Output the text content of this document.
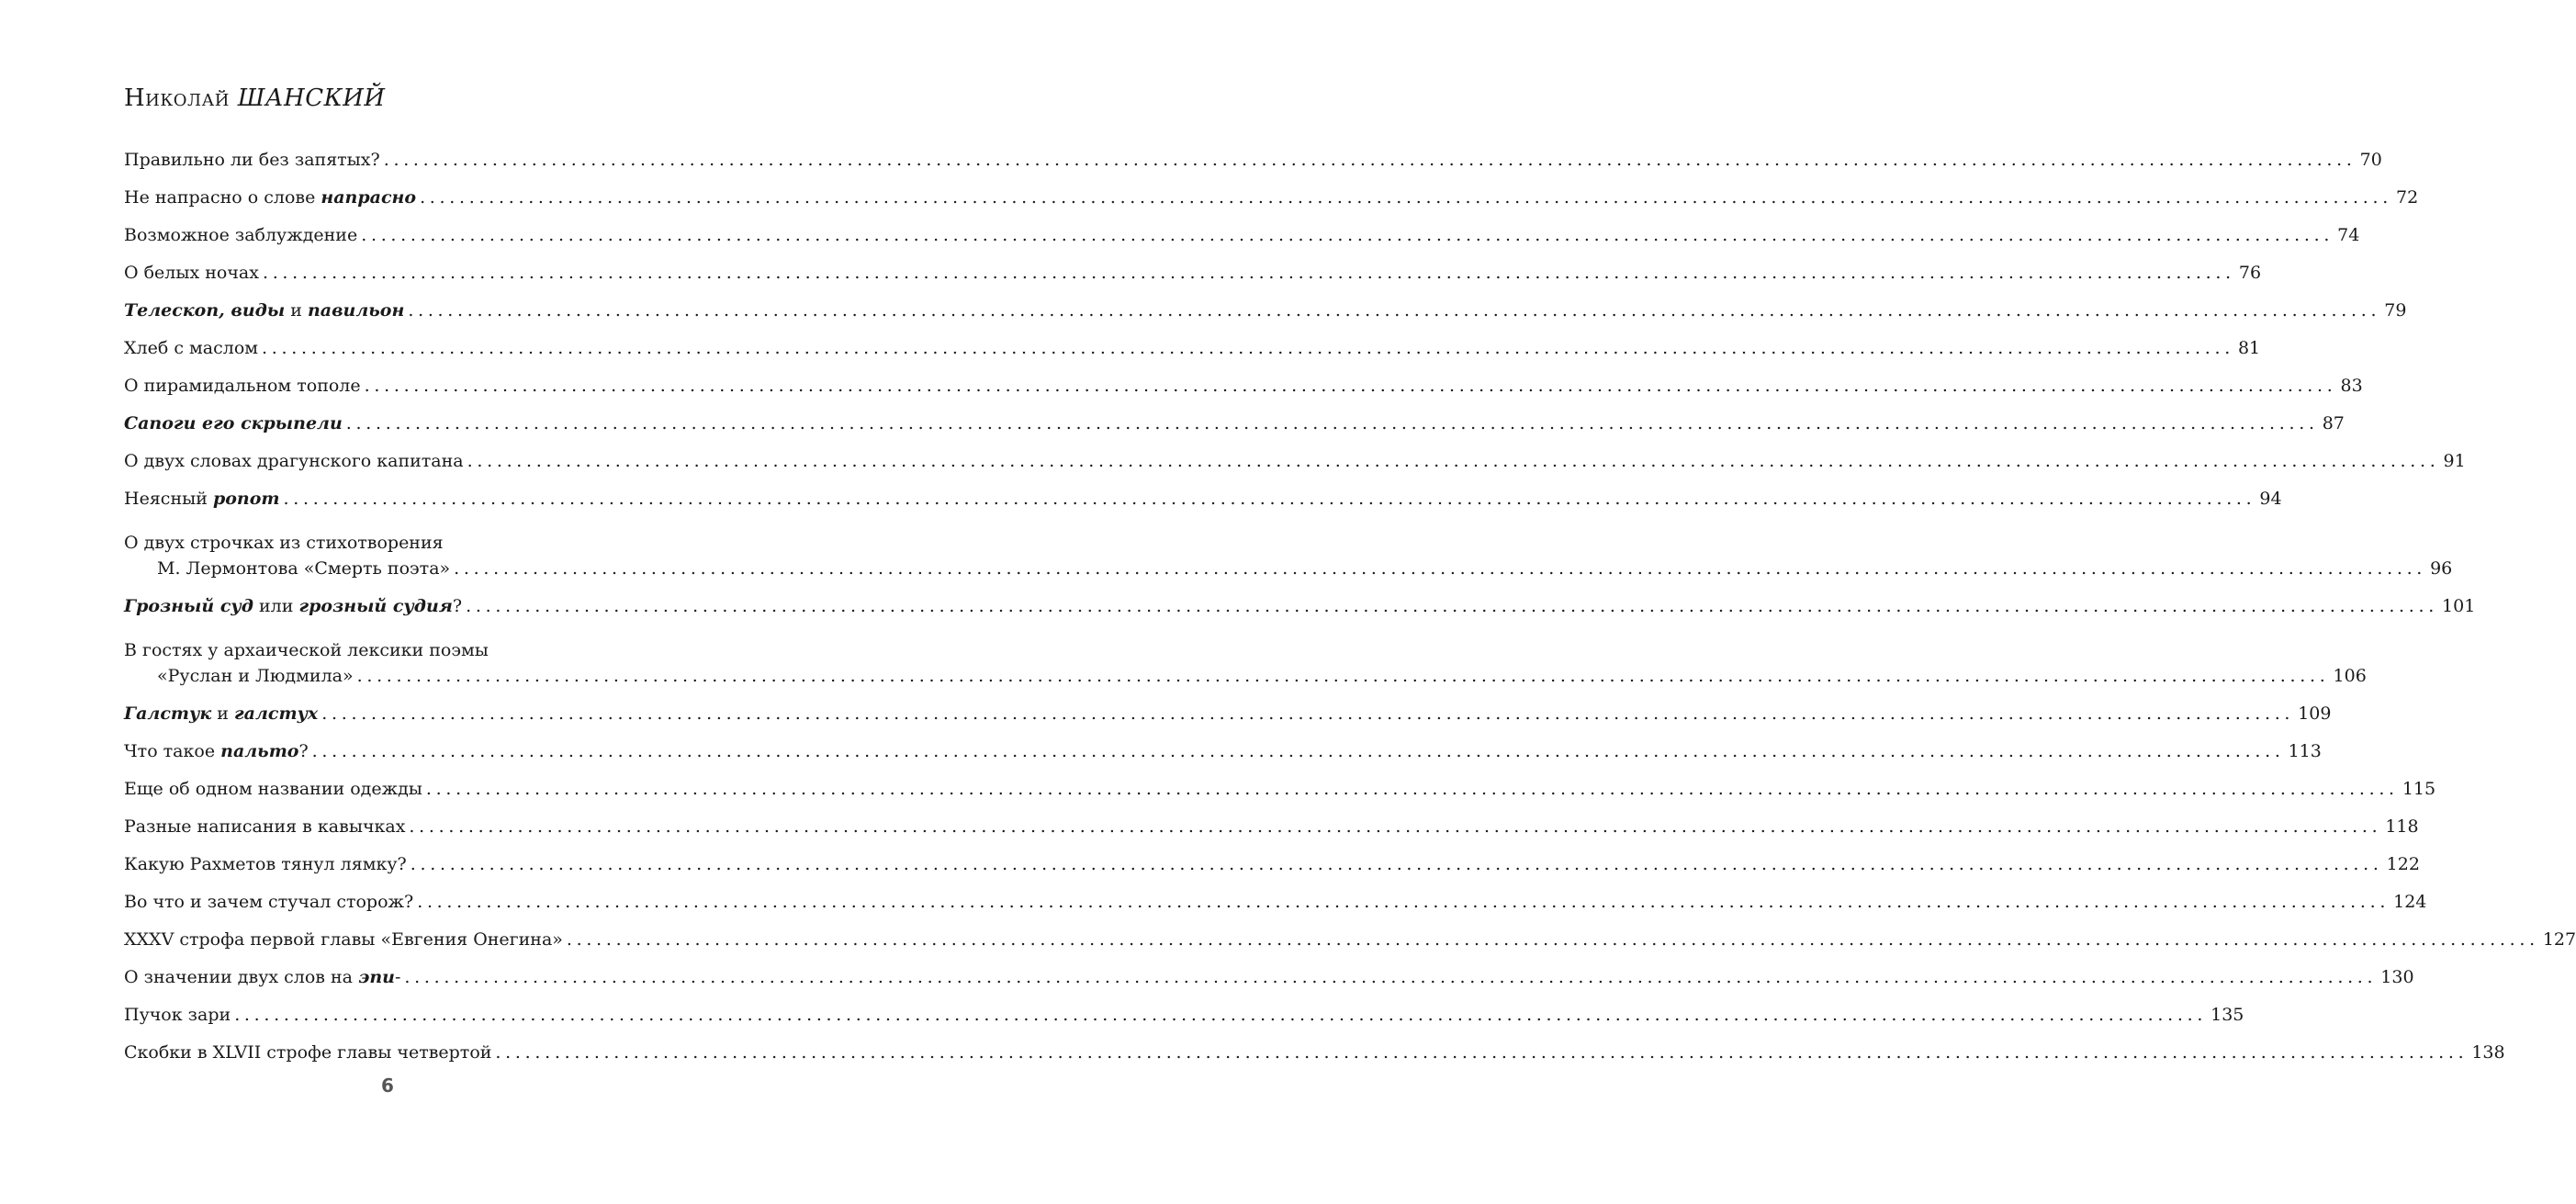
Николай ШАНСКИЙ
Правильно ли без запятых? ........................................................................................................................................................................................................ 70
Не напрасно о слове напрасно ........................................................................................................................................................................................................ 72
Возможное заблуждение ........................................................................................................................................................................................................ 74
О белых ночах ........................................................................................................................................................................................................ 76
Телескоп, виды и павильон ........................................................................................................................................................................................................ 79
Хлеб с маслом ........................................................................................................................................................................................................ 81
О пирамидальном тополе ........................................................................................................................................................................................................ 83
Сапоги его скрыпели ........................................................................................................................................................................................................ 87
О двух словах драгунского капитана ........................................................................................................................................................................................................ 91
Неясный ропот ........................................................................................................................................................................................................ 94
О двух строчках из стихотворения
М. Лермонтова «Смерть поэта» ........................................................................................................................................................................................................ 96
Грозный суд или грозный судия? ........................................................................................................................................................................................................ 101
В гостях у архаической лексики поэмы
«Руслан и Людмила» ........................................................................................................................................................................................................ 106
Галстук и галстух ........................................................................................................................................................................................................ 109
Что такое пальто? ........................................................................................................................................................................................................ 113
Еще об одном названии одежды ........................................................................................................................................................................................................ 115
Разные написания в кавычках ........................................................................................................................................................................................................ 118
Какую Рахметов тянул лямку? ........................................................................................................................................................................................................ 122
Во что и зачем стучал сторож? ........................................................................................................................................................................................................ 124
XXXV строфа первой главы «Евгения Онегина» ........................................................................................................................................................................................................ 127
О значении двух слов на эпи- ........................................................................................................................................................................................................ 130
Пучок зари ........................................................................................................................................................................................................ 135
Скобки в XLVII строфе главы четвертой ........................................................................................................................................................................................................ 138
6
